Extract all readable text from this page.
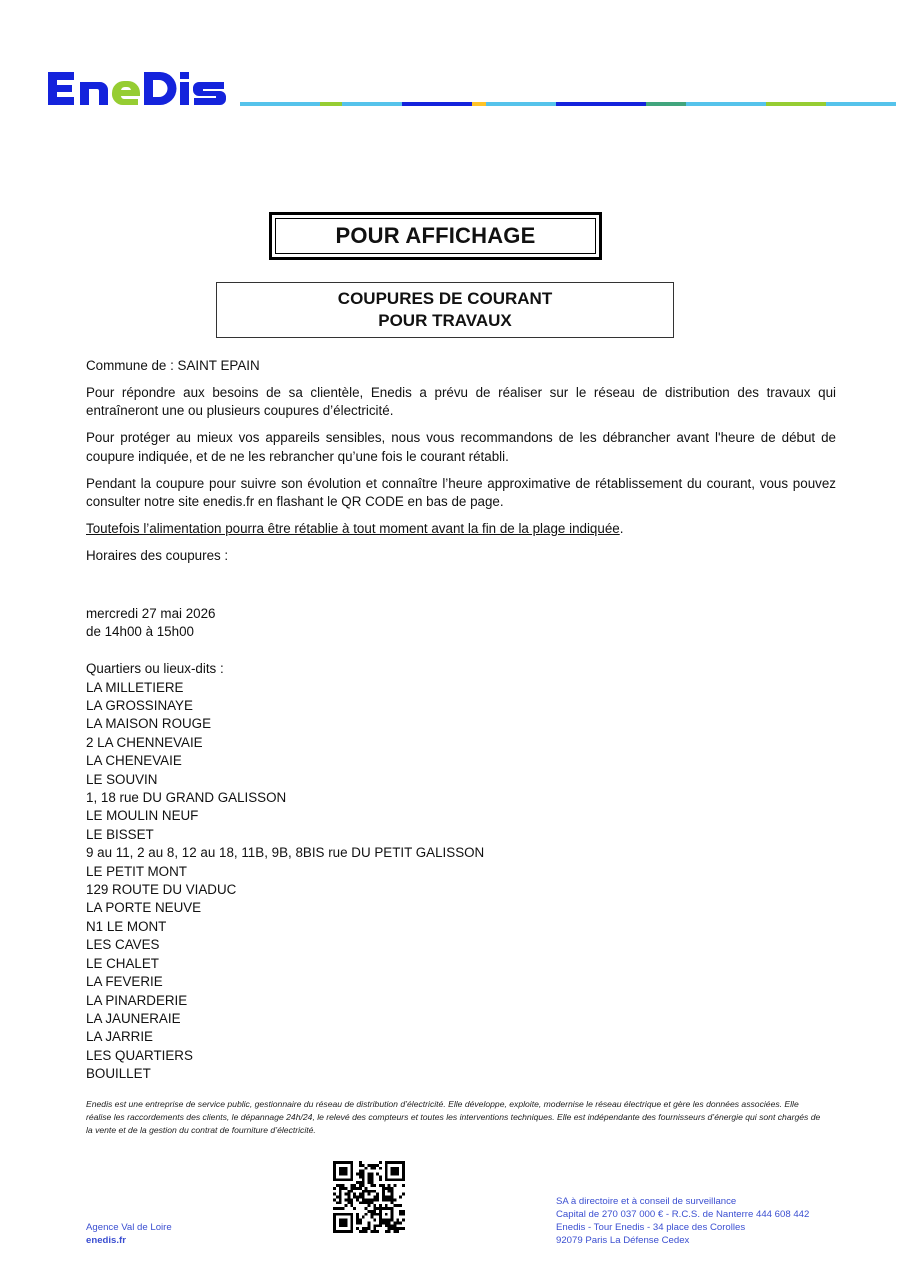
POUR AFFICHAGE
COUPURES DE COURANT
POUR TRAVAUX

Commune de : SAINT EPAIN

Pour répondre aux besoins de sa clientèle, Enedis a prévu de réaliser sur le réseau de distribution des travaux qui entraîneront une ou plusieurs coupures d’électricité.

Pour protéger au mieux vos appareils sensibles, nous vous recommandons de les débrancher avant l'heure de début de coupure indiquée, et de ne les rebrancher qu’une fois le courant rétabli.

Pendant la coupure pour suivre son évolution et connaître l’heure approximative de rétablissement du courant, vous pouvez consulter notre site enedis.fr en flashant le QR CODE en bas de page.

Toutefois l’alimentation pourra être rétablie à tout moment avant la fin de la plage indiquée.

Horaires des coupures :

mercredi 27 mai 2026
de 14h00 à 15h00
Quartiers ou lieux-dits :
LA MILLETIERE
LA GROSSINAYE
LA MAISON ROUGE
2 LA CHENNEVAIE
LA CHENEVAIE
LE SOUVIN
1, 18 rue DU GRAND GALISSON
LE MOULIN NEUF
LE BISSET
9 au 11, 2 au 8, 12 au 18, 11B, 9B, 8BIS rue DU PETIT GALISSON
LE PETIT MONT
129 ROUTE DU VIADUC
LA PORTE NEUVE
N1 LE MONT
LES CAVES
LE CHALET
LA FEVERIE
LA PINARDERIE
LA JAUNERAIE
LA JARRIE
LES QUARTIERS
BOUILLET
Enedis est une entreprise de service public, gestionnaire du réseau de distribution d’électricité. Elle développe, exploite, modernise le réseau électrique et gère les données associées. Elle réalise les raccordements des clients, le dépannage 24h/24, le relevé des compteurs et toutes les interventions techniques. Elle est indépendante des fournisseurs d’énergie qui sont chargés de la vente et de la gestion du contrat de fourniture d’électricité.
Agence Val de Loire
enedis.fr
SA à directoire et à conseil de surveillance
Capital de 270 037 000 € - R.C.S. de Nanterre 444 608 442
Enedis - Tour Enedis - 34 place des Corolles
92079 Paris La Défense Cedex
